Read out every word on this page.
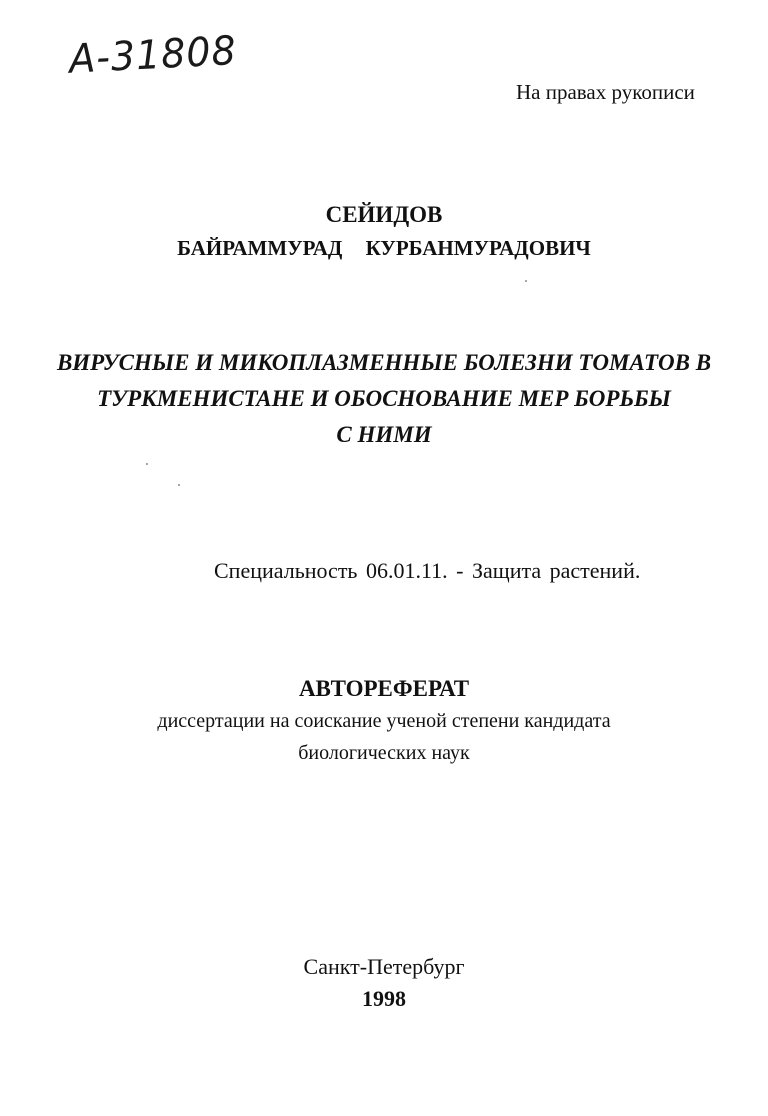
A-31808
На правах рукописи
СЕЙИДОВ
БАЙРАММУРАД КУРБАНМУРАДОВИЧ
ВИРУСНЫЕ И МИКОПЛАЗМЕННЫЕ БОЛЕЗНИ ТОМАТОВ В
ТУРКМЕНИСТАНЕ И ОБОСНОВАНИЕ МЕР БОРЬБЫ
С НИМИ
Специальность 06.01.11. - Защита растений.
АВТОРЕФЕРАТ
диссертации на соискание ученой степени кандидата
биологических наук
Санкт-Петербург
1998
